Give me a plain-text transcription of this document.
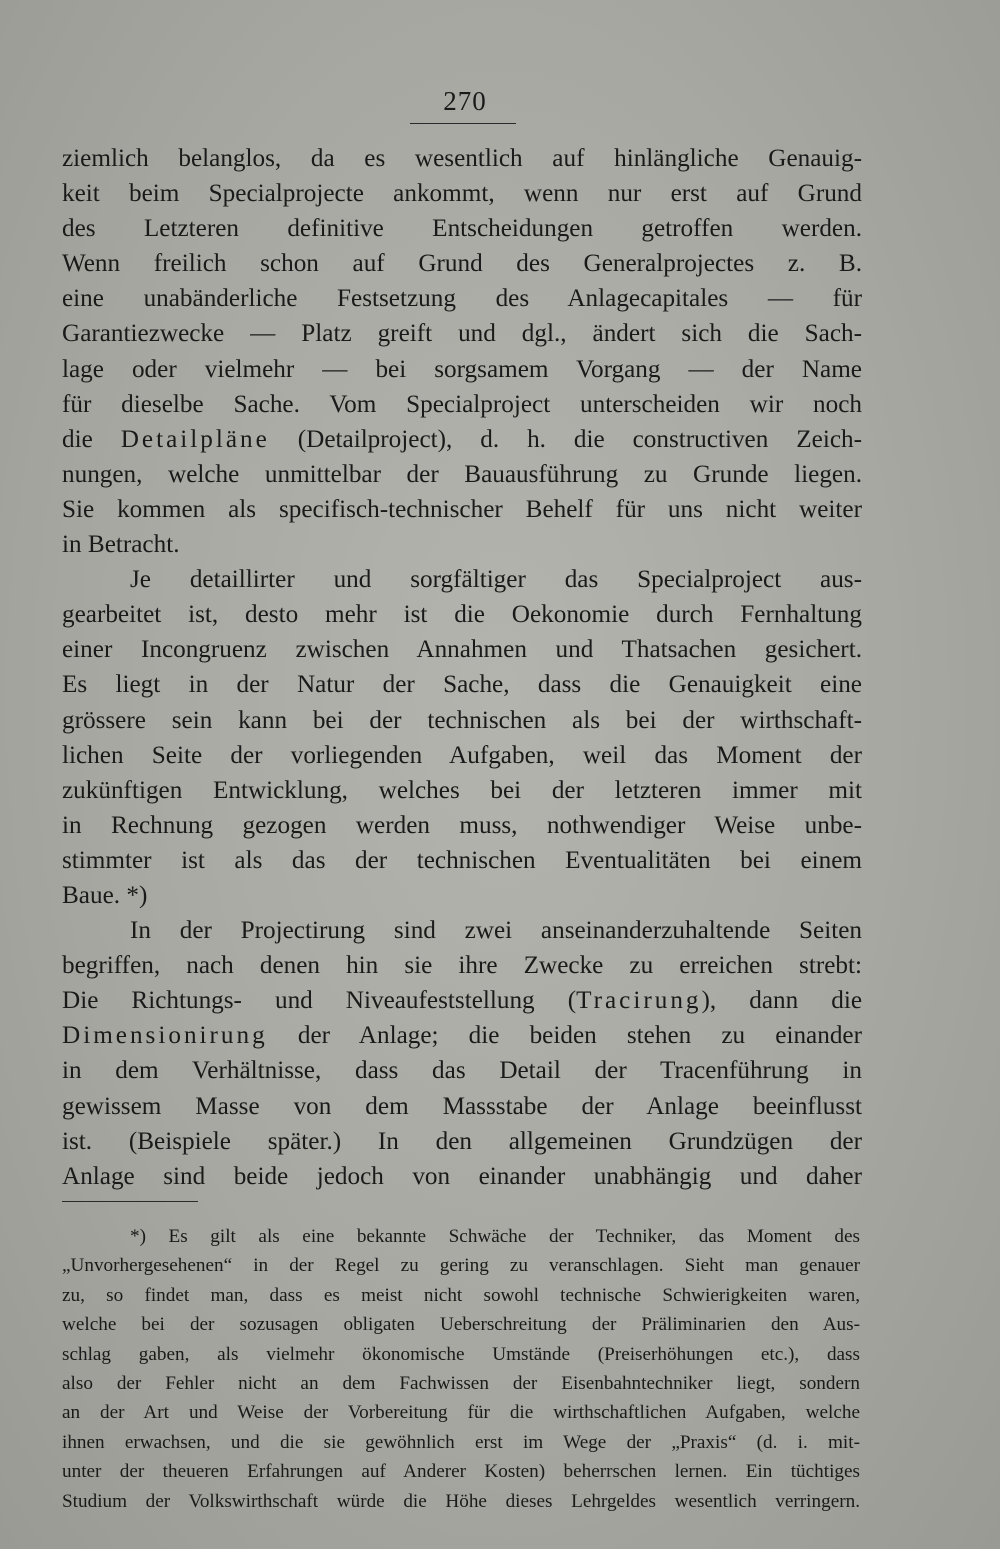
270
ziemlich belanglos, da es wesentlich auf hinlängliche Genauig-
keit beim Specialprojecte ankommt, wenn nur erst auf Grund
des Letzteren definitive Entscheidungen getroffen werden.
Wenn freilich schon auf Grund des Generalprojectes z. B.
eine unabänderliche Festsetzung des Anlagecapitales — für
Garantiezwecke — Platz greift und dgl., ändert sich die Sach-
lage oder vielmehr — bei sorgsamem Vorgang — der Name
für dieselbe Sache. Vom Specialproject unterscheiden wir noch
die Detailpläne (Detailproject), d. h. die constructiven Zeich-
nungen, welche unmittelbar der Bauausführung zu Grunde liegen.
Sie kommen als specifisch-technischer Behelf für uns nicht weiter
in Betracht.
Je detaillirter und sorgfältiger das Specialproject aus-
gearbeitet ist, desto mehr ist die Oekonomie durch Fernhaltung
einer Incongruenz zwischen Annahmen und Thatsachen gesichert.
Es liegt in der Natur der Sache, dass die Genauigkeit eine
grössere sein kann bei der technischen als bei der wirthschaft-
lichen Seite der vorliegenden Aufgaben, weil das Moment der
zukünftigen Entwicklung, welches bei der letzteren immer mit
in Rechnung gezogen werden muss, nothwendiger Weise unbe-
stimmter ist als das der technischen Eventualitäten bei einem
Baue. *)
In der Projectirung sind zwei anseinanderzuhaltende Seiten
begriffen, nach denen hin sie ihre Zwecke zu erreichen strebt:
Die Richtungs- und Niveaufeststellung (Tracirung), dann die
Dimensionirung der Anlage; die beiden stehen zu einander
in dem Verhältnisse, dass das Detail der Tracenführung in
gewissem Masse von dem Massstabe der Anlage beeinflusst
ist. (Beispiele später.) In den allgemeinen Grundzügen der
Anlage sind beide jedoch von einander unabhängig und daher
*) Es gilt als eine bekannte Schwäche der Techniker, das Moment des
„Unvorhergesehenen“ in der Regel zu gering zu veranschlagen. Sieht man genauer
zu, so findet man, dass es meist nicht sowohl technische Schwierigkeiten waren,
welche bei der sozusagen obligaten Ueberschreitung der Präliminarien den Aus-
schlag gaben, als vielmehr ökonomische Umstände (Preiserhöhungen etc.), dass
also der Fehler nicht an dem Fachwissen der Eisenbahntechniker liegt, sondern
an der Art und Weise der Vorbereitung für die wirthschaftlichen Aufgaben, welche
ihnen erwachsen, und die sie gewöhnlich erst im Wege der „Praxis“ (d. i. mit-
unter der theueren Erfahrungen auf Anderer Kosten) beherrschen lernen. Ein tüchtiges
Studium der Volkswirthschaft würde die Höhe dieses Lehrgeldes wesentlich verringern.
